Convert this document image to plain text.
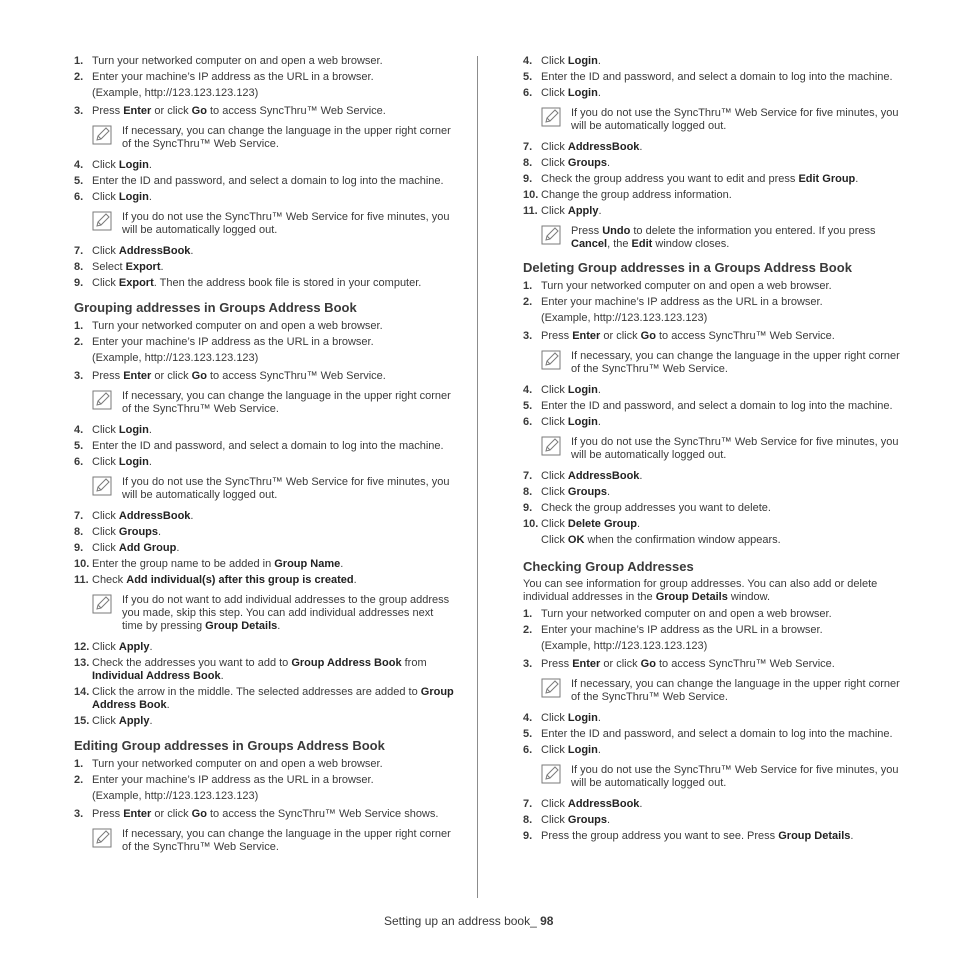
1. Turn your networked computer on and open a web browser.
2. Enter your machine’s IP address as the URL in a browser.
(Example, http://123.123.123.123)
3. Press Enter or click Go to access SyncThru™ Web Service.
If necessary, you can change the language in the upper right corner of the SyncThru™ Web Service.
4. Click Login.
5. Enter the ID and password, and select a domain to log into the machine.
6. Click Login.
If you do not use the SyncThru™ Web Service for five minutes, you will be automatically logged out.
7. Click AddressBook.
8. Select Export.
9. Click Export. Then the address book file is stored in your computer.
Grouping addresses in Groups Address Book
1. Turn your networked computer on and open a web browser.
2. Enter your machine’s IP address as the URL in a browser.
(Example, http://123.123.123.123)
3. Press Enter or click Go to access SyncThru™ Web Service.
If necessary, you can change the language in the upper right corner of the SyncThru™ Web Service.
4. Click Login.
5. Enter the ID and password, and select a domain to log into the machine.
6. Click Login.
If you do not use the SyncThru™ Web Service for five minutes, you will be automatically logged out.
7. Click AddressBook.
8. Click Groups.
9. Click Add Group.
10. Enter the group name to be added in Group Name.
11. Check Add individual(s) after this group is created.
If you do not want to add individual addresses to the group address you made, skip this step. You can add individual addresses next time by pressing Group Details.
12. Click Apply.
13. Check the addresses you want to add to Group Address Book from Individual Address Book.
14. Click the arrow in the middle. The selected addresses are added to Group Address Book.
15. Click Apply.
Editing Group addresses in Groups Address Book
1. Turn your networked computer on and open a web browser.
2. Enter your machine’s IP address as the URL in a browser.
(Example, http://123.123.123.123)
3. Press Enter or click Go to access the SyncThru™ Web Service shows.
If necessary, you can change the language in the upper right corner of the SyncThru™ Web Service.
4. Click Login.
5. Enter the ID and password, and select a domain to log into the machine.
6. Click Login.
If you do not use the SyncThru™ Web Service for five minutes, you will be automatically logged out.
7. Click AddressBook.
8. Click Groups.
9. Check the group address you want to edit and press Edit Group.
10. Change the group address information.
11. Click Apply.
Press Undo to delete the information you entered. If you press Cancel, the Edit window closes.
Deleting Group addresses in a Groups Address Book
1. Turn your networked computer on and open a web browser.
2. Enter your machine’s IP address as the URL in a browser.
(Example, http://123.123.123.123)
3. Press Enter or click Go to access SyncThru™ Web Service.
If necessary, you can change the language in the upper right corner of the SyncThru™ Web Service.
4. Click Login.
5. Enter the ID and password, and select a domain to log into the machine.
6. Click Login.
If you do not use the SyncThru™ Web Service for five minutes, you will be automatically logged out.
7. Click AddressBook.
8. Click Groups.
9. Check the group addresses you want to delete.
10. Click Delete Group.
Click OK when the confirmation window appears.
Checking Group Addresses
You can see information for group addresses. You can also add or delete individual addresses in the Group Details window.
1. Turn your networked computer on and open a web browser.
2. Enter your machine’s IP address as the URL in a browser.
(Example, http://123.123.123.123)
3. Press Enter or click Go to access SyncThru™ Web Service.
If necessary, you can change the language in the upper right corner of the SyncThru™ Web Service.
4. Click Login.
5. Enter the ID and password, and select a domain to log into the machine.
6. Click Login.
If you do not use the SyncThru™ Web Service for five minutes, you will be automatically logged out.
7. Click AddressBook.
8. Click Groups.
9. Press the group address you want to see. Press Group Details.
Setting up an address book_ 98
